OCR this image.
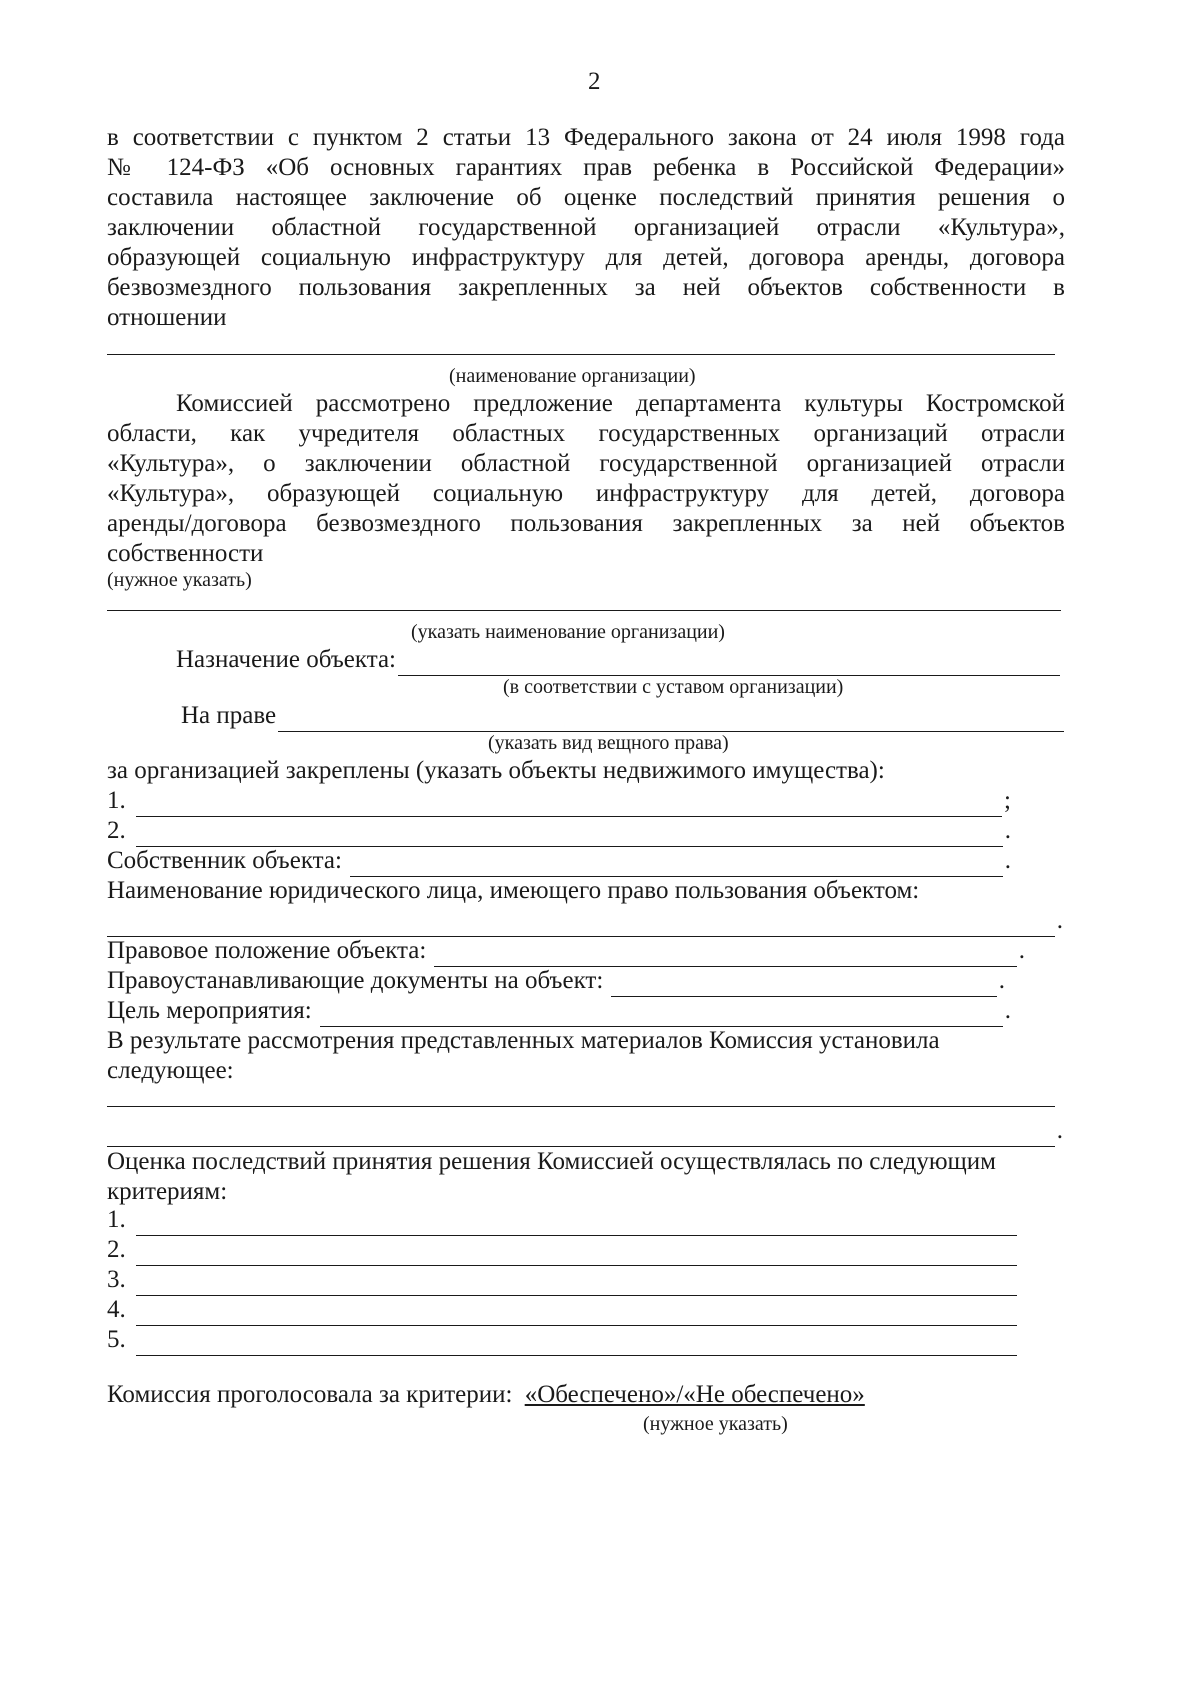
2
в соответствии с пунктом 2 статьи 13 Федерального закона от 24 июля 1998 года
№ 124-ФЗ «Об основных гарантиях прав ребенка в Российской Федерации»
составила настоящее заключение об оценке последствий принятия решения о
заключении областной государственной организацией отрасли «Культура»,
образующей социальную инфраструктуру для детей, договора аренды, договора
безвозмездного пользования закрепленных за ней объектов собственности в
отношении
(наименование организации)
Комиссией рассмотрено предложение департамента культуры Костромской
области, как учредителя областных государственных организаций отрасли
«Культура», о заключении областной государственной организацией отрасли
«Культура», образующей социальную инфраструктуру для детей, договора
аренды/договора безвозмездного пользования закрепленных за ней объектов
собственности
(нужное указать)
(указать наименование организации)
Назначение объекта:
(в соответствии с уставом организации)
На праве
(указать вид вещного права)
за организацией закреплены (указать объекты недвижимого имущества):
1.	;
2.	.
Собственник объекта:	.
Наименование юридического лица, имеющего право пользования объектом:
.
Правовое положение объекта:	.
Правоустанавливающие документы на объект:	.
Цель мероприятия:	.
В результате рассмотрения представленных материалов Комиссия установила
следующее:
.
Оценка последствий принятия решения Комиссией осуществлялась по следующим
критериям:
1.
2.
3.
4.
5.
Комиссия проголосовала за критерии: «Обеспечено»/«Не обеспечено»
(нужное указать)
